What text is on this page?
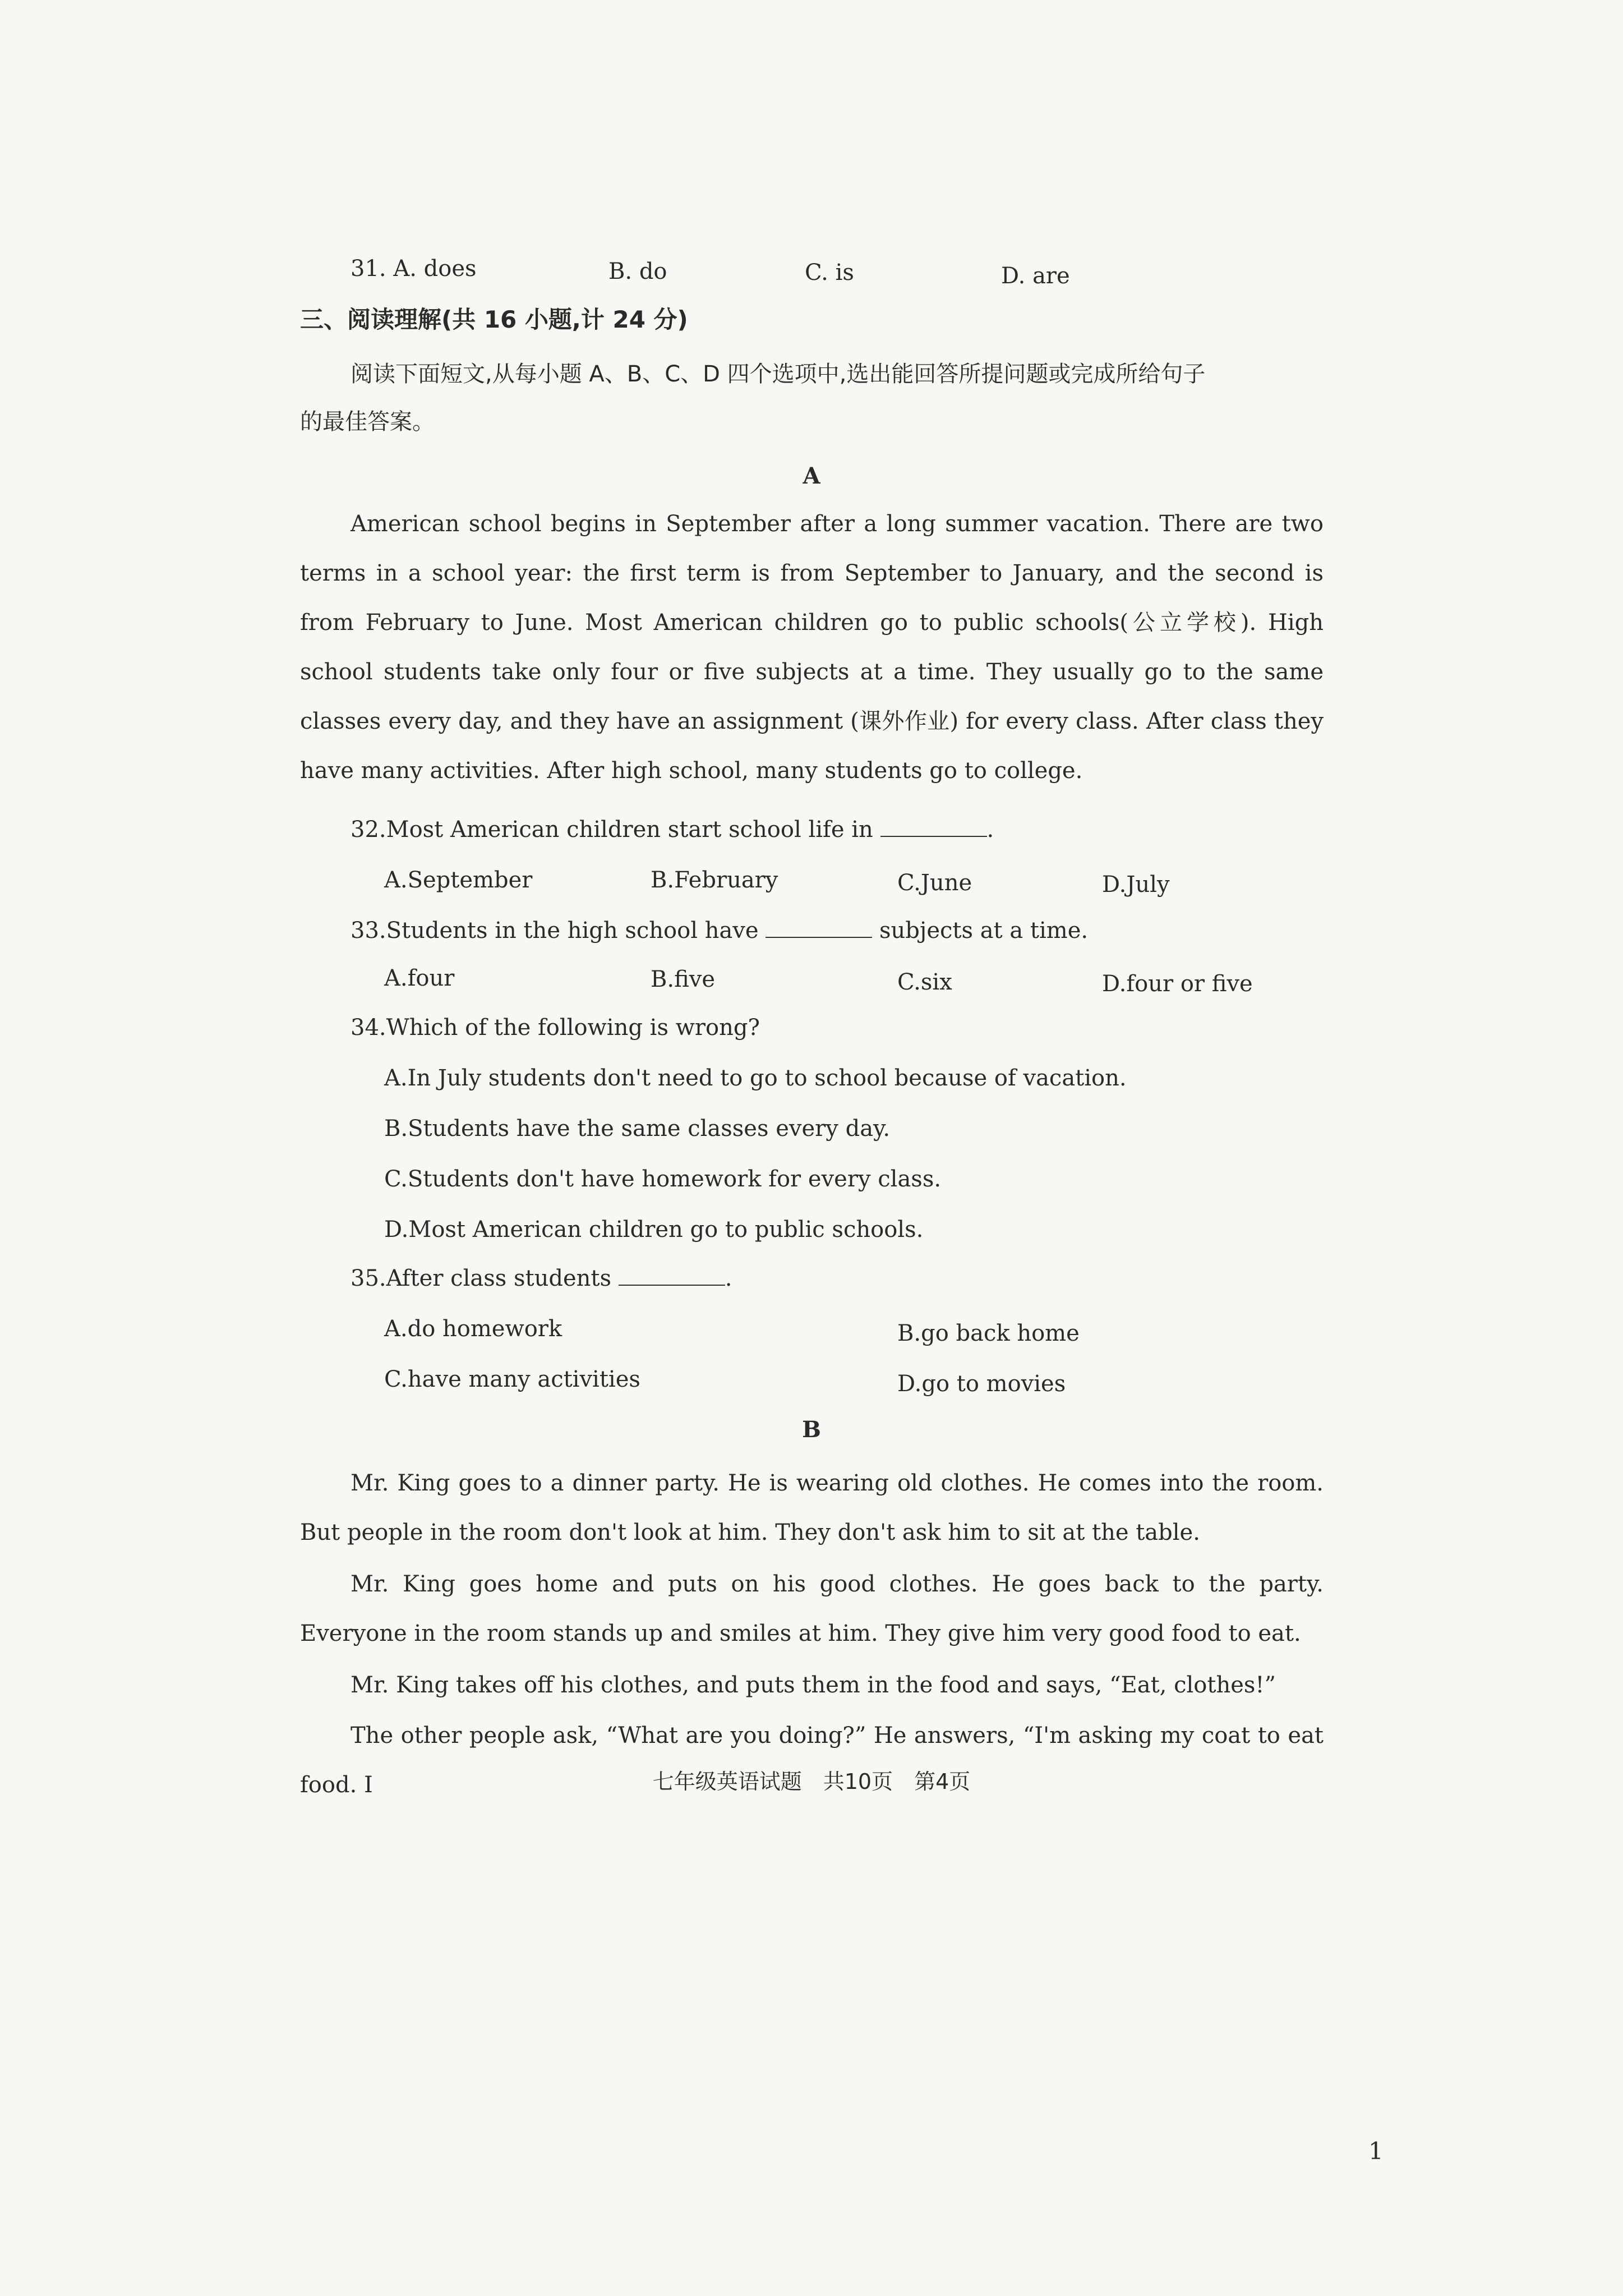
31. A. does	B. do	C. is	D. are
三、阅读理解(共 16 小题,计 24 分)
阅读下面短文,从每小题 A、B、C、D 四个选项中,选出能回答所提问题或完成所给句子
的最佳答案。
A
American school begins in September after a long summer vacation. There are two terms in a school year: the first term is from September to January, and the second is from February to June. Most American children go to public schools(公立学校). High school students take only four or five subjects at a time. They usually go to the same classes every day, and they have an assignment (课外作业) for every class. After class they have many activities. After high school, many students go to college.
32.Most American children start school life in	.
A.September	B.February	C.June	D.July
33.Students in the high school have	subjects at a time.
A.four	B.five	C.six	D.four or five
34.Which of the following is wrong?
A.In July students don't need to go to school because of vacation.
B.Students have the same classes every day.
C.Students don't have homework for every class.
D.Most American children go to public schools.
35.After class students	.
A.do homework	B.go back home
C.have many activities	D.go to movies
B
Mr. King goes to a dinner party. He is wearing old clothes. He comes into the room. But people in the room don't look at him. They don't ask him to sit at the table.
Mr. King goes home and puts on his good clothes. He goes back to the party. Everyone in the room stands up and smiles at him. They give him very good food to eat.
Mr. King takes off his clothes, and puts them in the food and says, “Eat, clothes!”
The other people ask, “What are you doing?” He answers, “I'm asking my coat to eat food. I	七年级英语试题　共10页　第4页
1
